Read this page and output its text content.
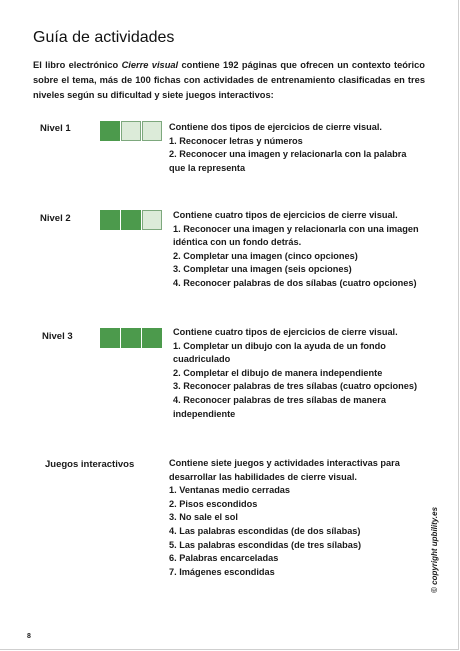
Guía de actividades
El libro electrónico Cierre visual contiene 192 páginas que ofrecen un contexto teórico sobre el tema, más de 100 fichas con actividades de entrenamiento clasificadas en tres niveles según su dificultad y siete juegos interactivos:
Nivel 1	Contiene dos tipos de ejercicios de cierre visual.
1. Reconocer letras y números
2. Reconocer una imagen y relacionarla con la palabra que la representa
Nivel 2	Contiene cuatro tipos de ejercicios de cierre visual.
1. Reconocer una imagen y relacionarla con una imagen idéntica con un fondo detrás.
2. Completar una imagen (cinco opciones)
3. Completar una imagen (seis opciones)
4. Reconocer palabras de dos sílabas (cuatro opciones)
Nivel 3	Contiene cuatro tipos de ejercicios de cierre visual.
1. Completar un dibujo con la ayuda de un fondo cuadriculado
2. Completar el dibujo de manera independiente
3. Reconocer palabras de tres sílabas (cuatro opciones)
4. Reconocer palabras de tres sílabas de manera independiente
Juegos interactivos	Contiene siete juegos y actividades interactivas para desarrollar las habilidades de cierre visual.
1. Ventanas medio cerradas
2. Pisos escondidos
3. No sale el sol
4. Las palabras escondidas (de dos sílabas)
5. Las palabras escondidas (de tres sílabas)
6. Palabras encarceladas
7. Imágenes escondidas
8
© copyright upbility.es
